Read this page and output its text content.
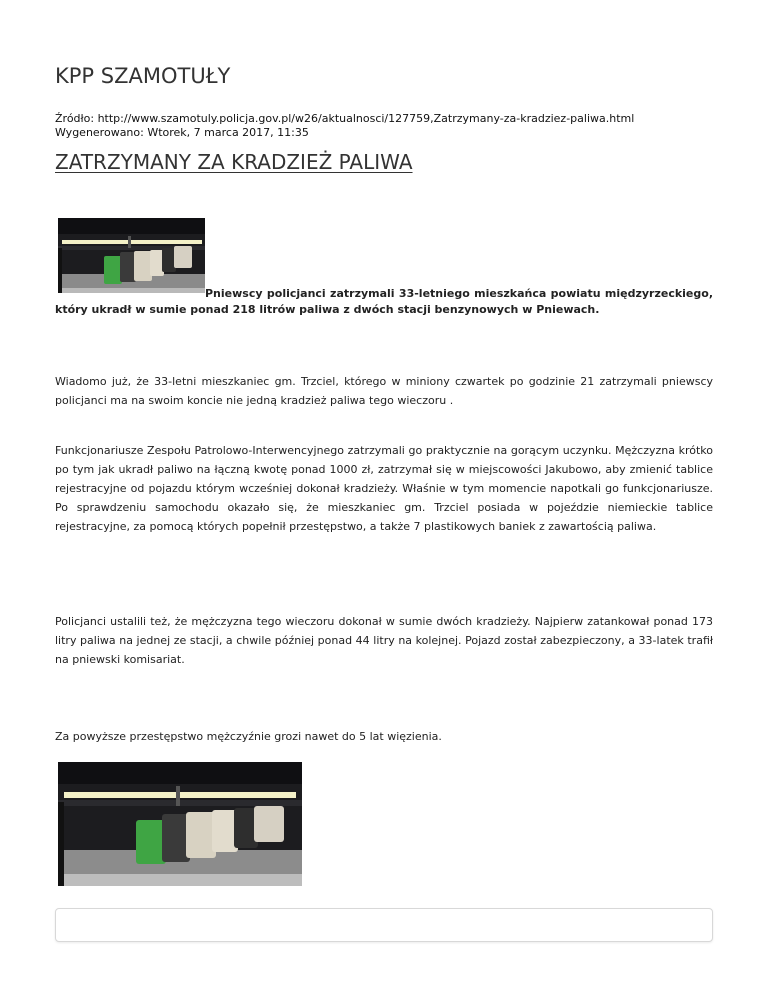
KPP SZAMOTUŁY
Źródło: http://www.szamotuly.policja.gov.pl/w26/aktualnosci/127759,Zatrzymany-za-kradziez-paliwa.html
Wygenerowano: Wtorek, 7 marca 2017, 11:35
ZATRZYMANY ZA KRADZIEŻ PALIWA

Pniewscy policjanci zatrzymali 33-letniego mieszkańca powiatu międzyrzeckiego, który ukradł w sumie ponad 218 litrów paliwa z dwóch stacji benzynowych w Pniewach.

Wiadomo już, że 33-letni mieszkaniec gm. Trzciel, którego w miniony czwartek po godzinie 21 zatrzymali pniewscy policjanci ma na swoim koncie nie jedną kradzież paliwa tego wieczoru .

Funkcjonariusze Zespołu Patrolowo-Interwencyjnego zatrzymali go praktycznie na gorącym uczynku. Mężczyzna krótko po tym jak ukradł paliwo na łączną kwotę ponad 1000 zł, zatrzymał się w miejscowości Jakubowo, aby zmienić tablice rejestracyjne od pojazdu którym wcześniej dokonał kradzieży. Właśnie w tym momencie napotkali go funkcjonariusze. Po sprawdzeniu samochodu okazało się, że mieszkaniec gm. Trzciel posiada w pojeździe niemieckie tablice rejestracyjne, za pomocą których popełnił przestępstwo, a także 7 plastikowych baniek z zawartością paliwa.

Policjanci ustalili też, że mężczyzna tego wieczoru dokonał w sumie dwóch kradzieży. Najpierw zatankował ponad 173 litry paliwa na jednej ze stacji, a chwile później ponad 44 litry na kolejnej. Pojazd został zabezpieczony, a 33-latek trafił na pniewski komisariat.

Za powyższe przestępstwo mężczyźnie grozi nawet do 5 lat więzienia.
